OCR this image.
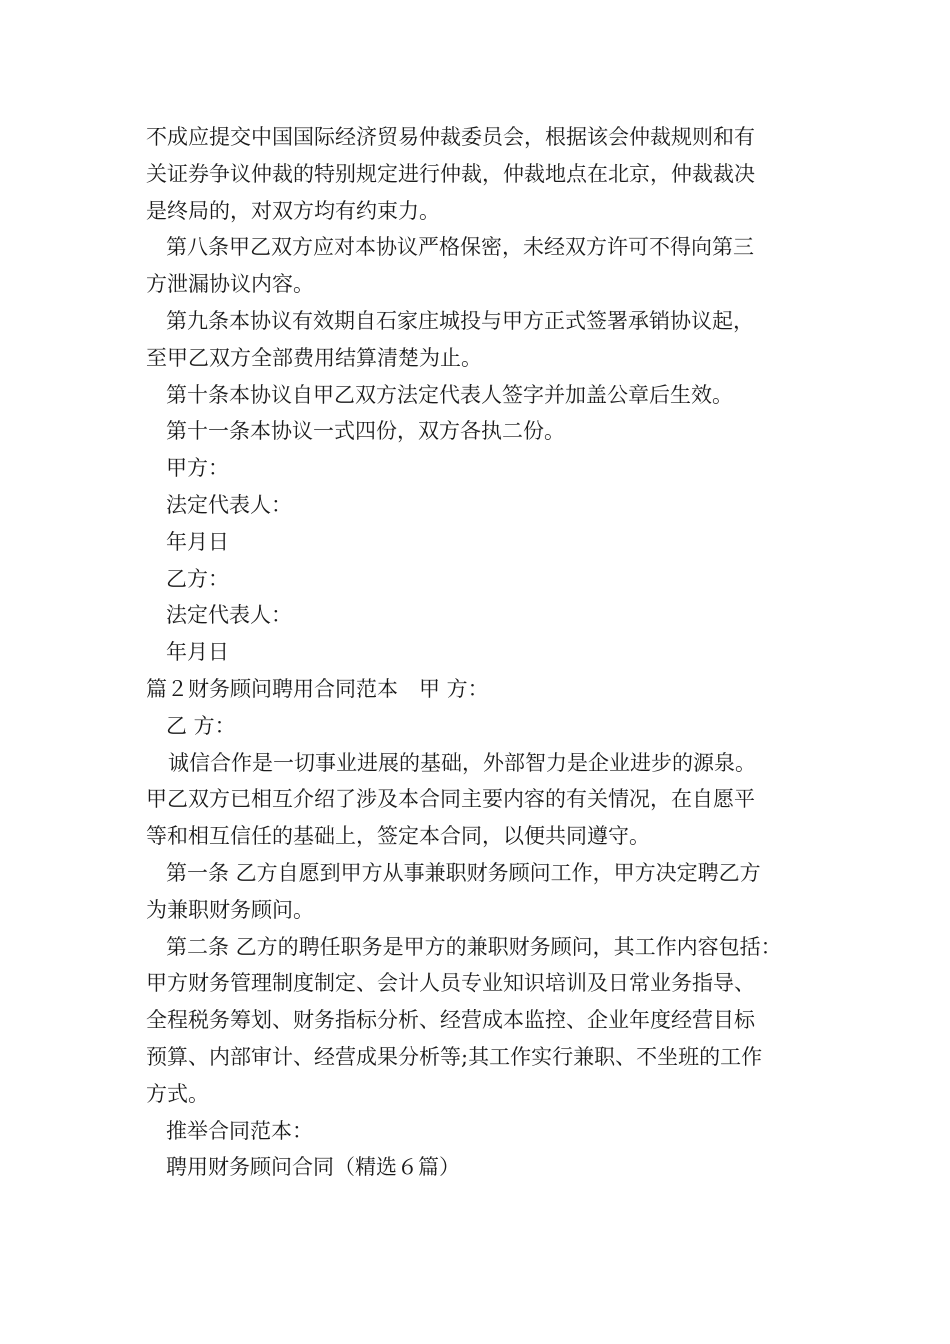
不成应提交中国国际经济贸易仲裁委员会，根据该会仲裁规则和有
关证券争议仲裁的特别规定进行仲裁，仲裁地点在北京，仲裁裁决
是终局的，对双方均有约束力。
第八条甲乙双方应对本协议严格保密，未经双方许可不得向第三
方泄漏协议内容。
第九条本协议有效期自石家庄城投与甲方正式签署承销协议起，
至甲乙双方全部费用结算清楚为止。
第十条本协议自甲乙双方法定代表人签字并加盖公章后生效。
第十一条本协议一式四份，双方各执二份。
甲方：
法定代表人：
年月日
乙方：
法定代表人：
年月日
篇２财务顾问聘用合同范本　甲 方：
乙 方：
诚信合作是一切事业进展的基础，外部智力是企业进步的源泉。
甲乙双方已相互介绍了涉及本合同主要内容的有关情况，在自愿平
等和相互信任的基础上，签定本合同，以便共同遵守。
第一条 乙方自愿到甲方从事兼职财务顾问工作，甲方决定聘乙方
为兼职财务顾问。
第二条 乙方的聘任职务是甲方的兼职财务顾问，其工作内容包括：
甲方财务管理制度制定、会计人员专业知识培训及日常业务指导、
全程税务筹划、财务指标分析、经营成本监控、企业年度经营目标
预算、内部审计、经营成果分析等;其工作实行兼职、不坐班的工作
方式。
推举合同范本：
聘用财务顾问合同（精选６篇）
